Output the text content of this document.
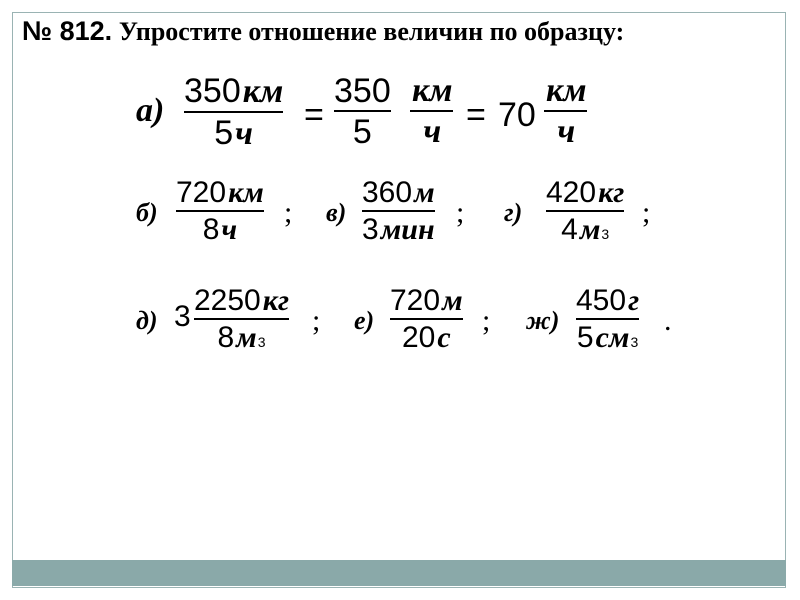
№ 812. Упростите отношение величин по образцу:
а)
350 км
5 ч =
350
5
км
ч = 70
км
ч
б)
720 км
8 ч ; в)
360 м
3 мин ; г)
420 кг
4 м 3
;
д) 3 2250 кг
8 м 3
; е)
720 м
20 с ; ж)
450 г
5 см 3
.
